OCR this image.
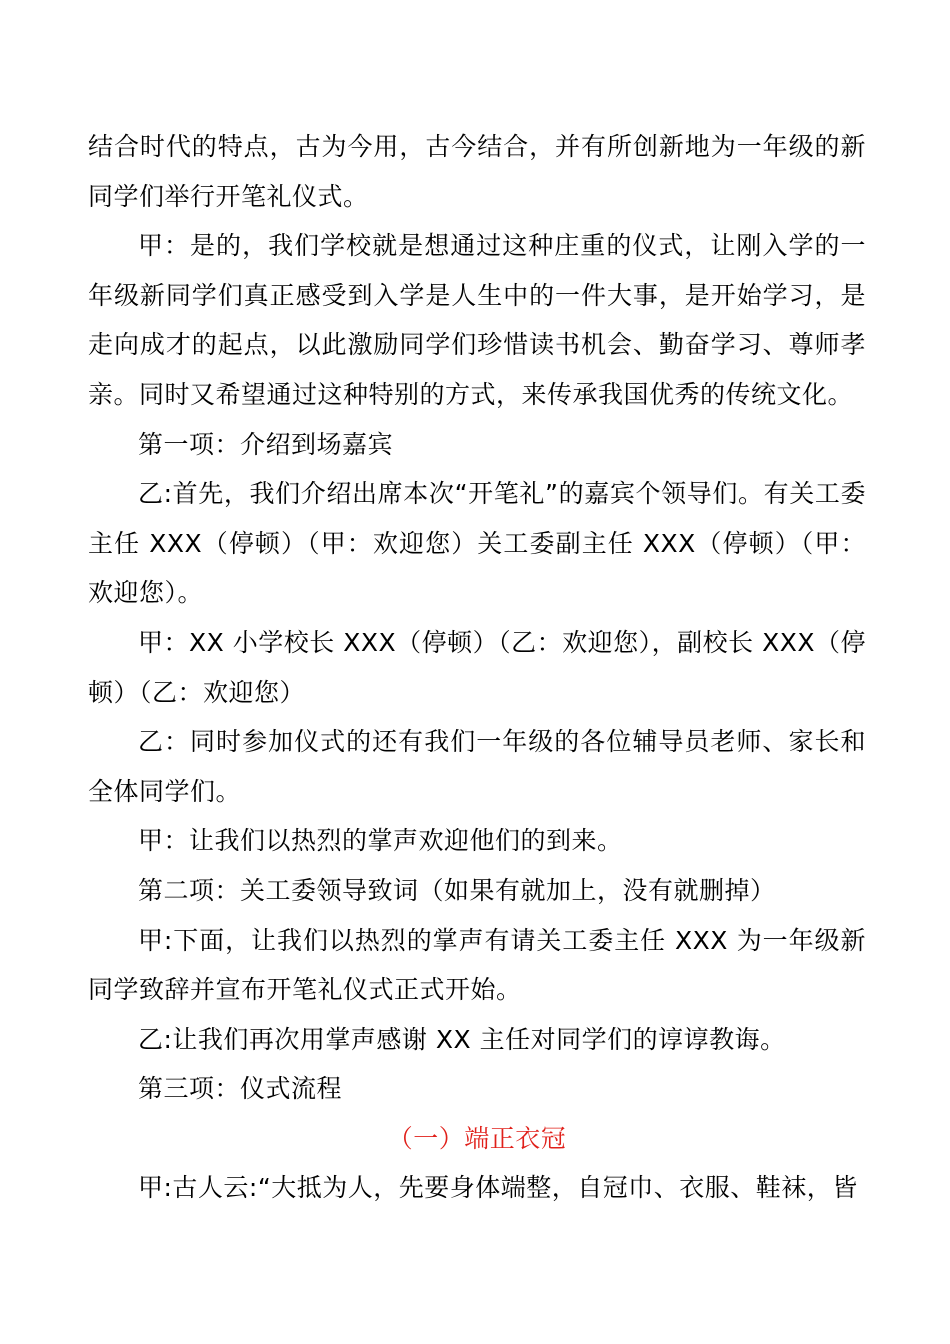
结合时代的特点，古为今用，古今结合，并有所创新地为一年级的新同学们举行开笔礼仪式。

甲：是的，我们学校就是想通过这种庄重的仪式，让刚入学的一年级新同学们真正感受到入学是人生中的一件大事，是开始学习，是走向成才的起点，以此激励同学们珍惜读书机会、勤奋学习、尊师孝亲。同时又希望通过这种特别的方式，来传承我国优秀的传统文化。

第一项：介绍到场嘉宾

乙:首先，我们介绍出席本次“开笔礼”的嘉宾个领导们。有关工委主任 XXX（停顿）（甲：欢迎您）关工委副主任 XXX（停顿）（甲：欢迎您）。

甲：XX 小学校长 XXX（停顿）（乙：欢迎您），副校长 XXX（停顿）（乙：欢迎您）

乙：同时参加仪式的还有我们一年级的各位辅导员老师、家长和全体同学们。

甲：让我们以热烈的掌声欢迎他们的到来。

第二项：关工委领导致词（如果有就加上，没有就删掉）

甲:下面，让我们以热烈的掌声有请关工委主任 XXX 为一年级新同学致辞并宣布开笔礼仪式正式开始。

乙:让我们再次用掌声感谢 XX 主任对同学们的谆谆教诲。

第三项：仪式流程

（一）端正衣冠

甲:古人云:“大抵为人，先要身体端整，自冠巾、衣服、鞋袜，皆
